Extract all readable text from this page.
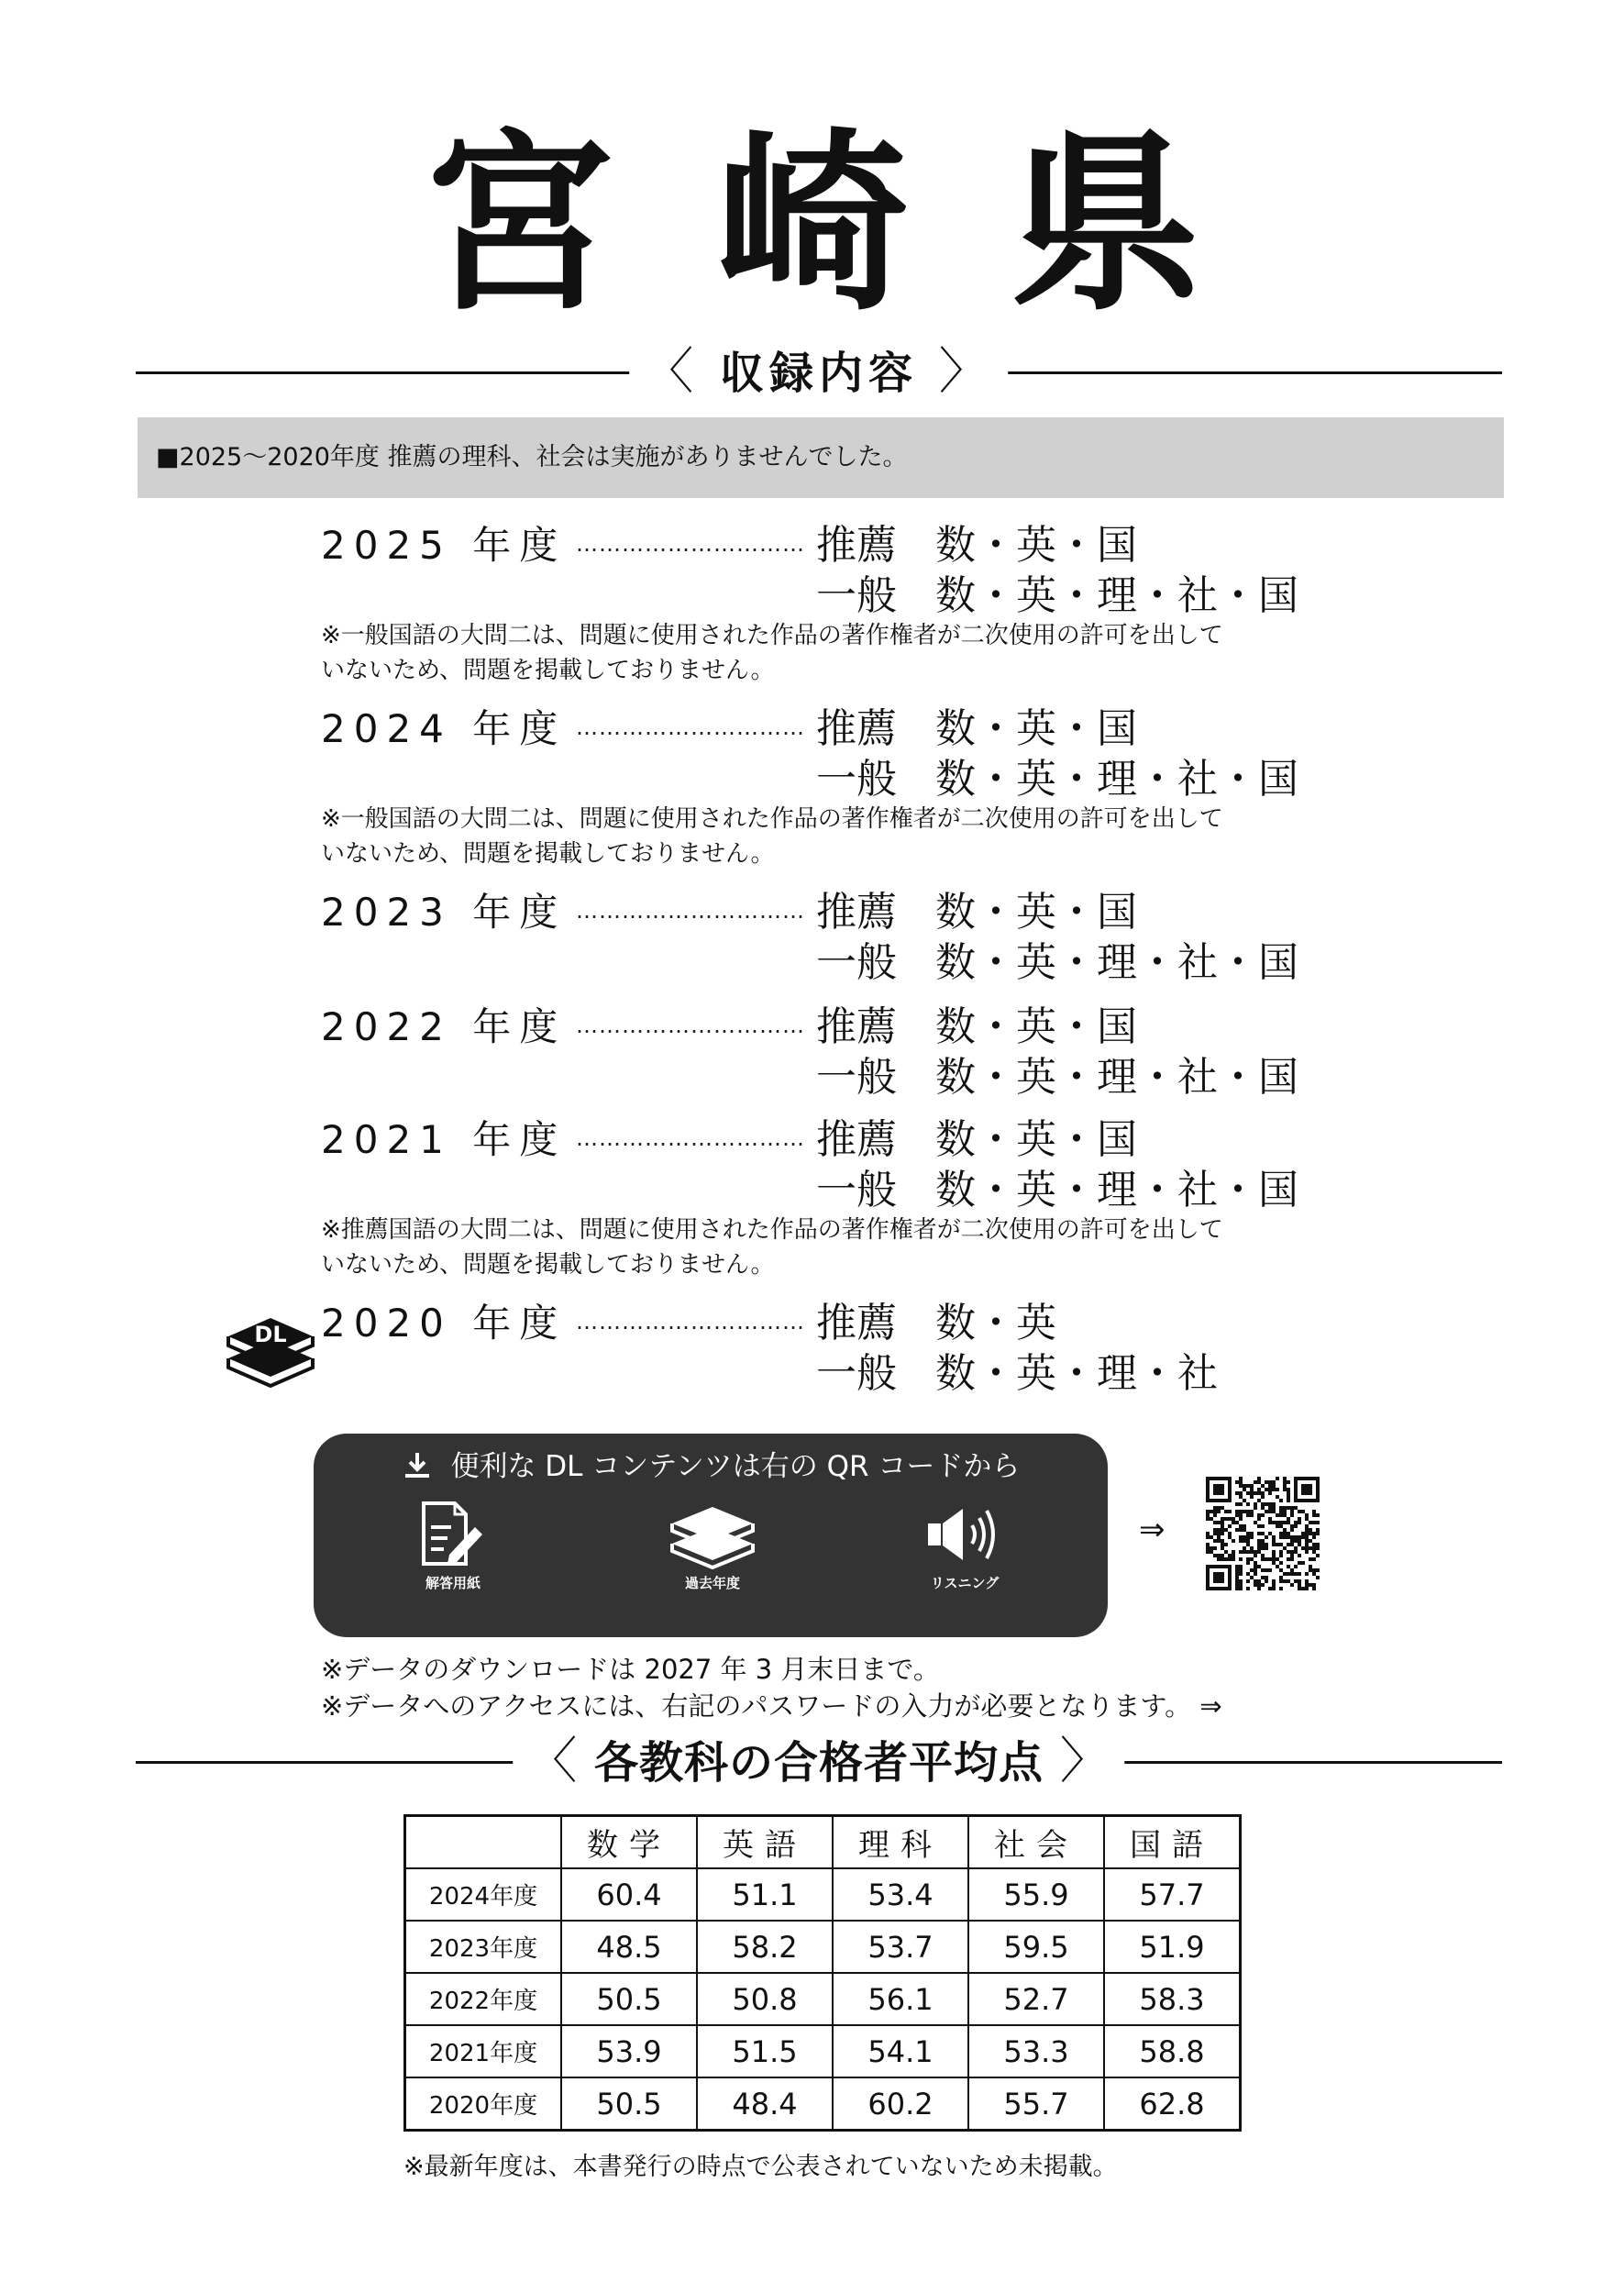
宮崎県
〈 収録内容 〉
■2025〜2020年度 推薦の理科、社会は実施がありませんでした。
2025 年度 ………………………… 推薦 数・英・国
一般 数・英・理・社・国
※一般国語の大問二は、問題に使用された作品の著作権者が二次使用の許可を出して
いないため、問題を掲載しておりません。
2024 年度 ………………………… 推薦 数・英・国
一般 数・英・理・社・国
※一般国語の大問二は、問題に使用された作品の著作権者が二次使用の許可を出して
いないため、問題を掲載しておりません。
2023 年度 ………………………… 推薦 数・英・国
一般 数・英・理・社・国
2022 年度 ………………………… 推薦 数・英・国
一般 数・英・理・社・国
2021 年度 ………………………… 推薦 数・英・国
一般 数・英・理・社・国
※推薦国語の大問二は、問題に使用された作品の著作権者が二次使用の許可を出して
いないため、問題を掲載しておりません。
DL 2020 年度 ………………………… 推薦 数・英
一般 数・英・理・社
便利な DL コンテンツは右の QR コードから
解答用紙	過去年度	リスニング
⇒
※データのダウンロードは 2027 年 3 月末日まで。
※データへのアクセスには、右記のパスワードの入力が必要となります。 ⇒
〈 各教科の合格者平均点 〉
	数学	英語	理科	社会	国語
2024年度	60.4	51.1	53.4	55.9	57.7
2023年度	48.5	58.2	53.7	59.5	51.9
2022年度	50.5	50.8	56.1	52.7	58.3
2021年度	53.9	51.5	54.1	53.3	58.8
2020年度	50.5	48.4	60.2	55.7	62.8
※最新年度は、本書発行の時点で公表されていないため未掲載。
